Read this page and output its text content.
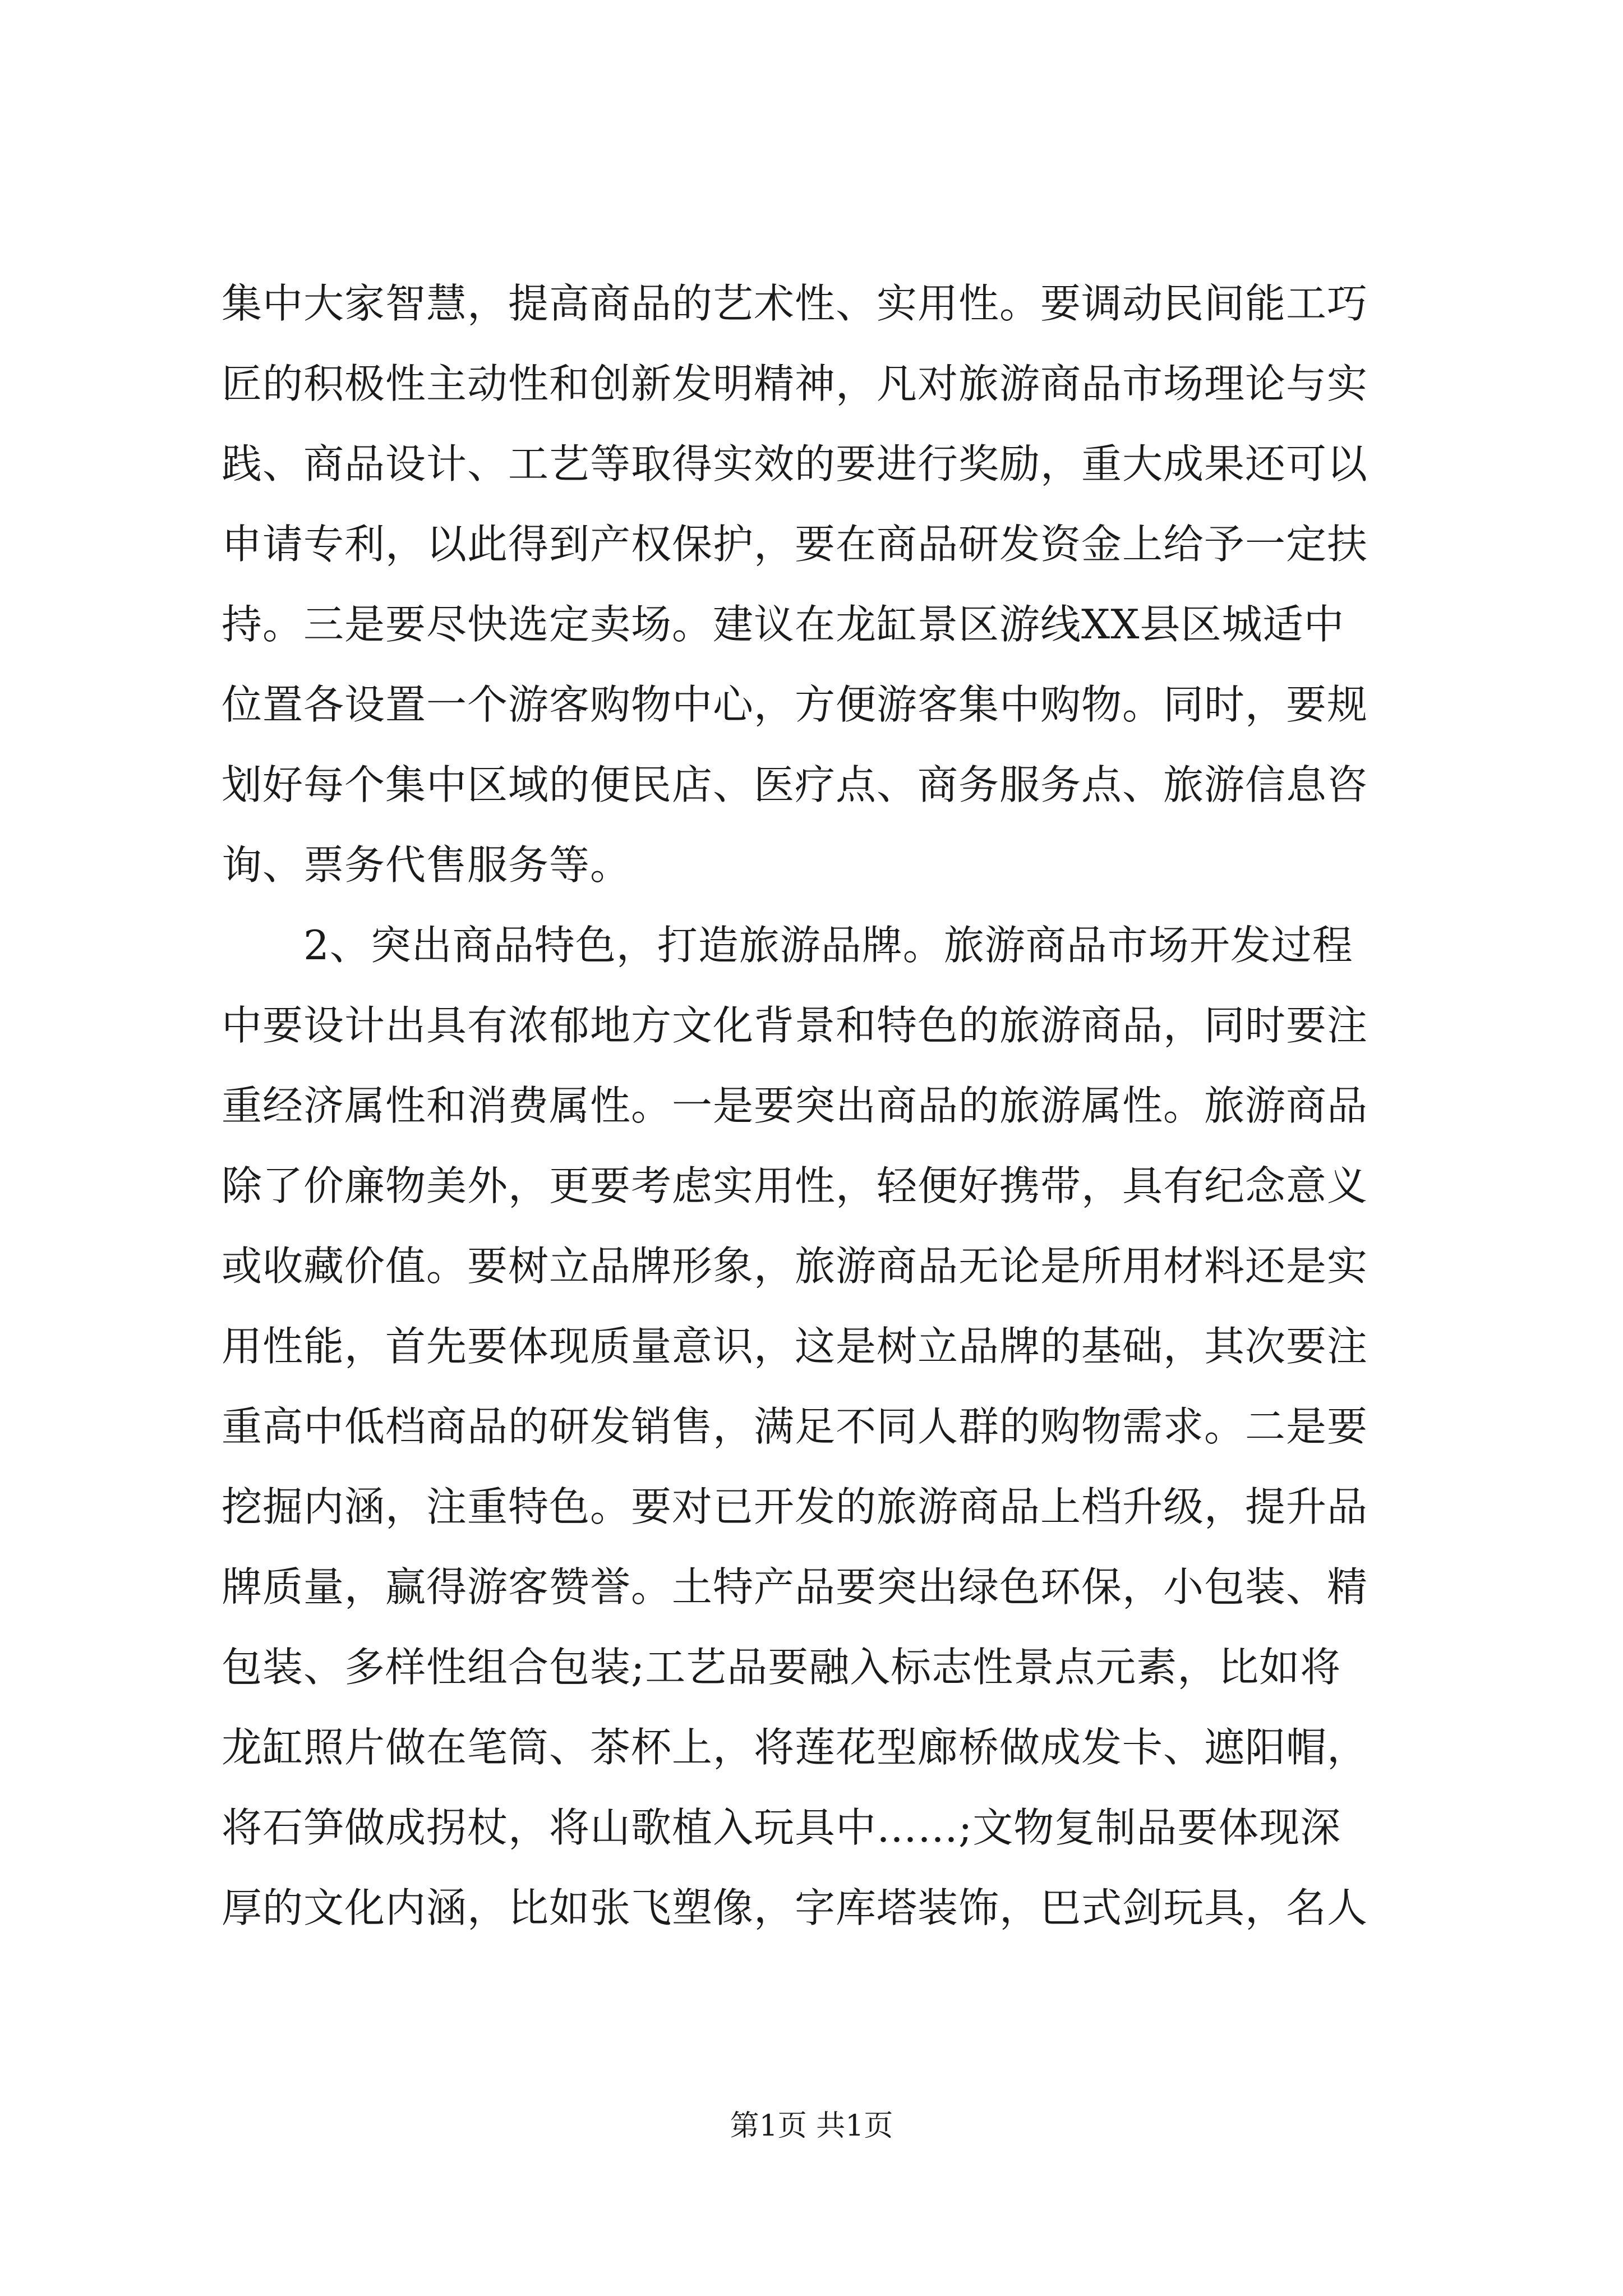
集中大家智慧，提高商品的艺术性、实用性。要调动民间能工巧
匠的积极性主动性和创新发明精神，凡对旅游商品市场理论与实
践、商品设计、工艺等取得实效的要进行奖励，重大成果还可以
申请专利，以此得到产权保护，要在商品研发资金上给予一定扶
持。三是要尽快选定卖场。建议在龙缸景区游线XX县区城适中
位置各设置一个游客购物中心，方便游客集中购物。同时，要规
划好每个集中区域的便民店、医疗点、商务服务点、旅游信息咨
询、票务代售服务等。
　　2、突出商品特色，打造旅游品牌。旅游商品市场开发过程
中要设计出具有浓郁地方文化背景和特色的旅游商品，同时要注
重经济属性和消费属性。一是要突出商品的旅游属性。旅游商品
除了价廉物美外，更要考虑实用性，轻便好携带，具有纪念意义
或收藏价值。要树立品牌形象，旅游商品无论是所用材料还是实
用性能，首先要体现质量意识，这是树立品牌的基础，其次要注
重高中低档商品的研发销售，满足不同人群的购物需求。二是要
挖掘内涵，注重特色。要对已开发的旅游商品上档升级，提升品
牌质量，赢得游客赞誉。土特产品要突出绿色环保，小包装、精
包装、多样性组合包装;工艺品要融入标志性景点元素，比如将
龙缸照片做在笔筒、茶杯上，将莲花型廊桥做成发卡、遮阳帽，
将石笋做成拐杖，将山歌植入玩具中……;文物复制品要体现深
厚的文化内涵，比如张飞塑像，字库塔装饰，巴式剑玩具，名人
第1页 共1页
